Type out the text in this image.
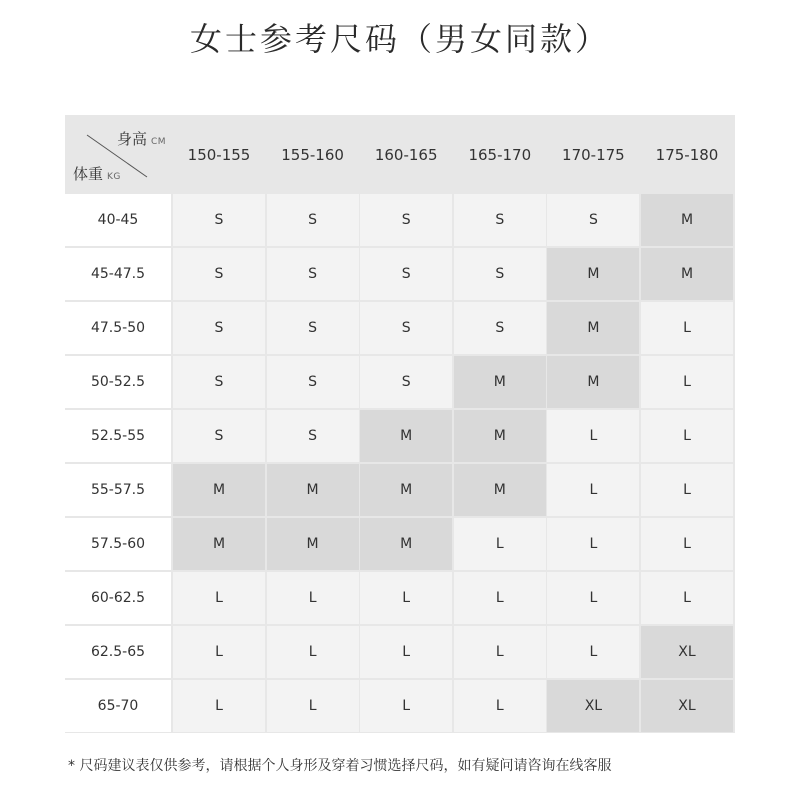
女士参考尺码（男女同款）
身高 CM
体重 KG
150-155	155-160	160-165	165-170	170-175	175-180
40-45	S	S	S	S	S	M
45-47.5	S	S	S	S	M	M
47.5-50	S	S	S	S	M	L
50-52.5	S	S	S	M	M	L
52.5-55	S	S	M	M	L	L
55-57.5	M	M	M	M	L	L
57.5-60	M	M	M	L	L	L
60-62.5	L	L	L	L	L	L
62.5-65	L	L	L	L	L	XL
65-70	L	L	L	L	XL	XL
* 尺码建议表仅供参考，请根据个人身形及穿着习惯选择尺码，如有疑问请咨询在线客服
